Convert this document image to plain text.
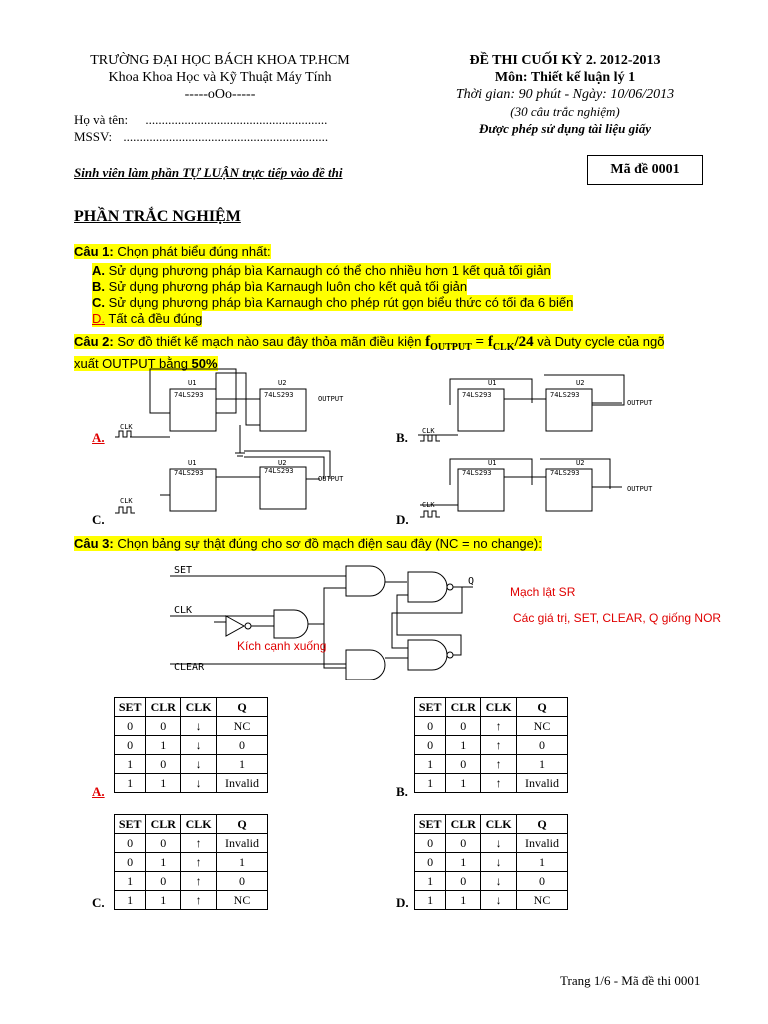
TRƯỜNG ĐẠI HỌC BÁCH KHOA TP.HCM
Khoa Khoa Học và Kỹ Thuật Máy Tính
-----oOo-----
Họ và tên: ........................................................
MSSV: ...............................................................
ĐỀ THI CUỐI KỲ 2. 2012-2013
Môn: Thiết kế luận lý 1
Thời gian: 90 phút - Ngày: 10/06/2013
(30 câu trắc nghiệm)
Được phép sử dụng tài liệu giấy
Mã đề 0001
Sinh viên làm phần TỰ LUẬN trực tiếp vào đề thi
PHẦN TRẮC NGHIỆM
Câu 1: Chọn phát biểu đúng nhất:
A. Sử dụng phương pháp bìa Karnaugh có thể cho nhiều hơn 1 kết quả tối giản
B. Sử dụng phương pháp bìa Karnaugh luôn cho kết quả tối giản
C. Sử dụng phương pháp bìa Karnaugh cho phép rút gọn biểu thức có tối đa 6 biến
D. Tất cả đều đúng
Câu 2: Sơ đồ thiết kế mạch nào sau đây thỏa mãn điều kiện $f_{OUTPUT} = f_{CLK}/24$ và Duty cycle của ngõ
xuất OUTPUT bằng 50%
U1	U2
74LS293	74LS293	OUTPUT
CLK
U1	U2
74LS293	74LS293
OUTPUT
CLK
U1	U2
74LS293	74LS293
OUTPUT
CLK
U1	U2
74LS293	74LS293
OUTPUT
CLK
A.	B.
C.	D.
Câu 3: Chọn bảng sự thật đúng cho sơ đồ mạch điện sau đây (NC = no change):
SET
CLK
CLEAR
Q
Mạch lật SR
Các giá trị, SET, CLEAR, Q giống NOR
Kích cạnh xuống
SET	CLR	CLK	Q
0	0	↓	NC
0	1	↓	0
1	0	↓	1
1	1	↓	Invalid
A.
SET	CLR	CLK	Q
0	0	↑	NC
0	1	↑	0
1	0	↑	1
1	1	↑	Invalid
B.
SET	CLR	CLK	Q
0	0	↑	Invalid
0	1	↑	1
1	0	↑	0
1	1	↑	NC
C.
SET	CLR	CLK	Q
0	0	↓	Invalid
0	1	↓	1
1	0	↓	0
1	1	↓	NC
D.
Trang 1/6 - Mã đề thi 0001
